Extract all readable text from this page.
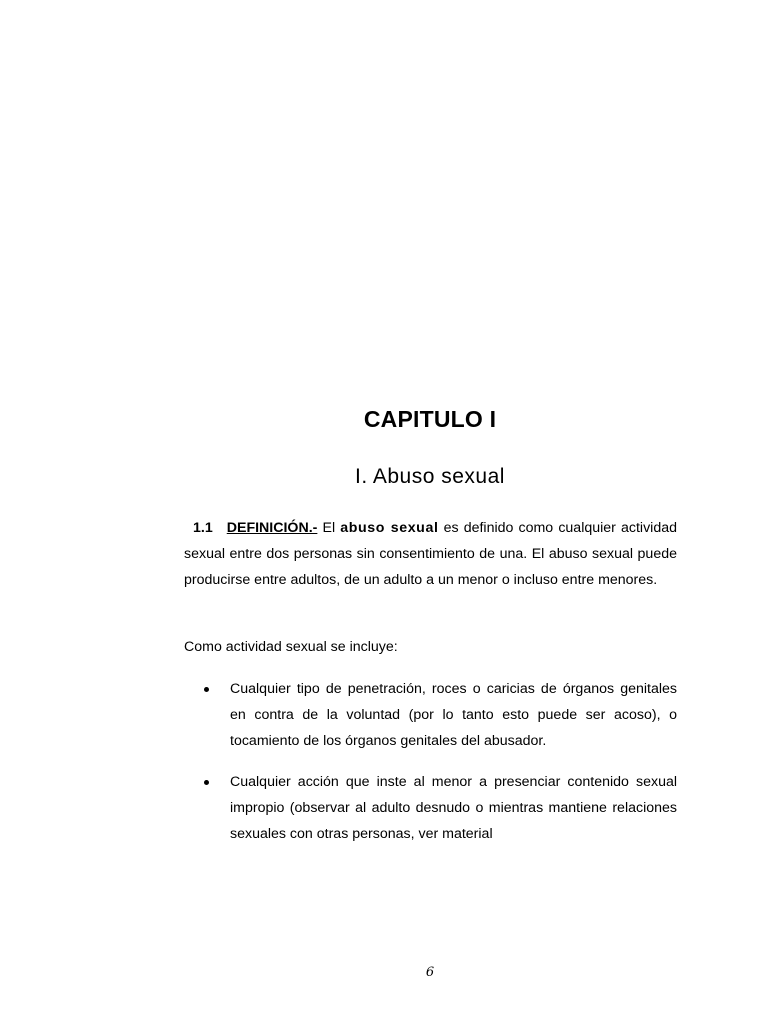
CAPITULO I
I. Abuso sexual

1.1 DEFINICIÓN.- El abuso sexual es definido como cualquier actividad sexual entre dos personas sin consentimiento de una. El abuso sexual puede producirse entre adultos, de un adulto a un menor o incluso entre menores.

Como actividad sexual se incluye:

Cualquier tipo de penetración, roces o caricias de órganos genitales en contra de la voluntad (por lo tanto esto puede ser acoso), o tocamiento de los órganos genitales del abusador.
Cualquier acción que inste al menor a presenciar contenido sexual impropio (observar al adulto desnudo o mientras mantiene relaciones sexuales con otras personas, ver material

6
